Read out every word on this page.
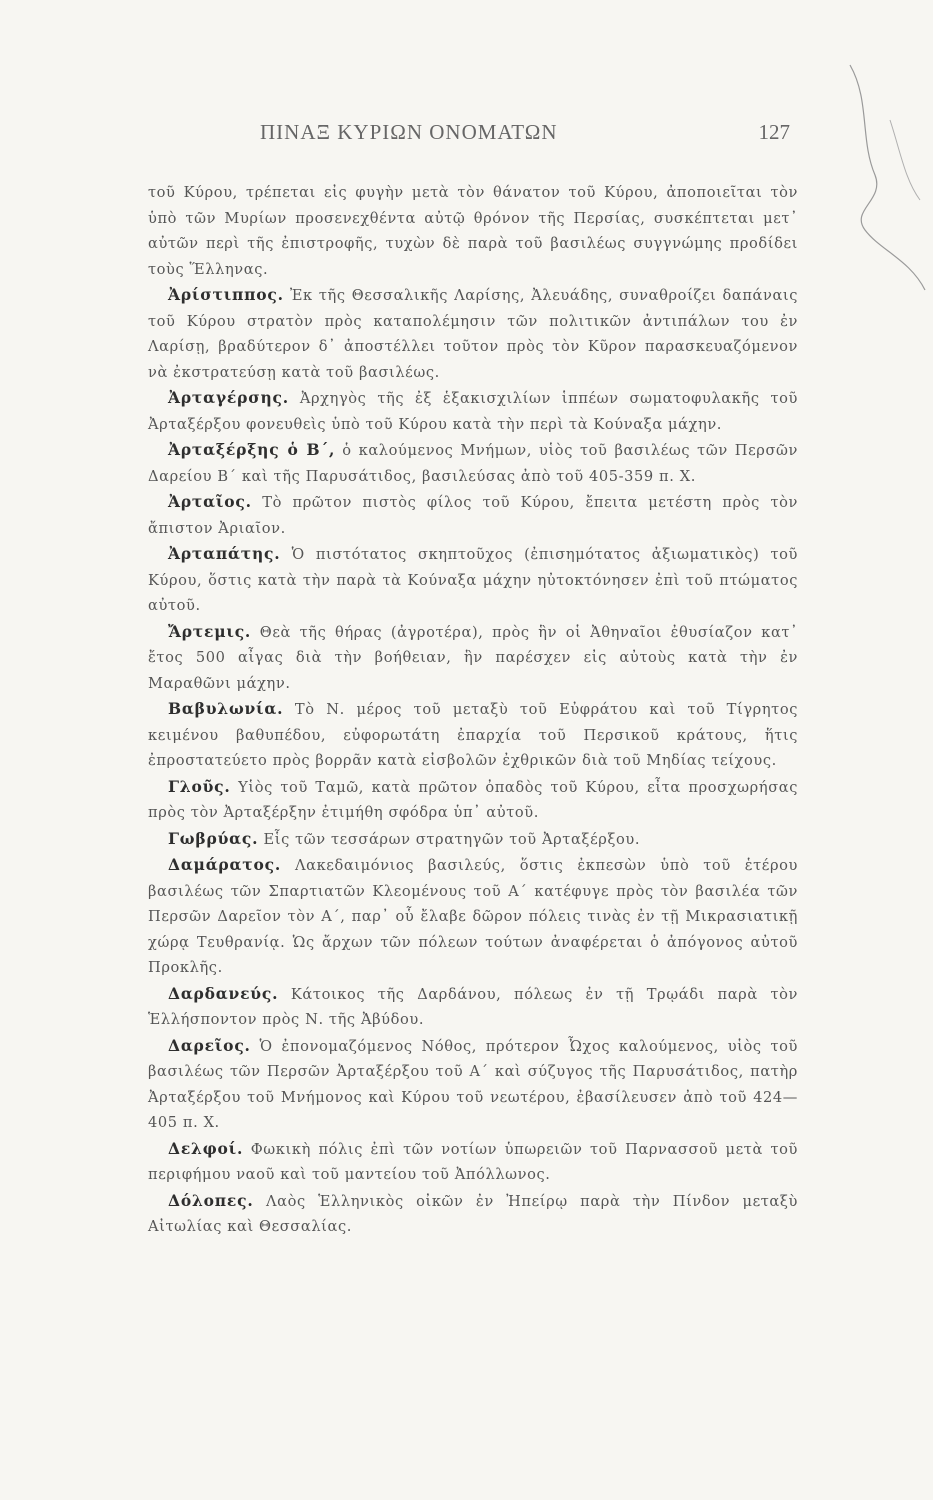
ΠΙΝΑΞ ΚΥΡΙΩΝ ΟΝΟΜΑΤΩΝ	127

τοῦ Κύρου, τρέπεται εἰς φυγὴν μετὰ τὸν θάνατον τοῦ Κύρου, ἀποποιεῖται τὸν ὑπὸ τῶν Μυρίων προσενεχθέντα αὐτῷ θρόνον τῆς Περσίας, συσκέπτεται μετ᾽ αὐτῶν περὶ τῆς ἐπιστροφῆς, τυχὼν δὲ παρὰ τοῦ βασιλέως συγγνώμης προδίδει τοὺς Ἕλληνας.

Ἀρίστιππος. Ἐκ τῆς Θεσσαλικῆς Λαρίσης, Ἀλευάδης, συναθροίζει δαπάναις τοῦ Κύρου στρατὸν πρὸς καταπολέμησιν τῶν πολιτικῶν ἀντιπάλων του ἐν Λαρίσῃ, βραδύτερον δ᾽ ἀποστέλλει τοῦτον πρὸς τὸν Κῦρον παρασκευαζόμενον νὰ ἐκστρατεύσῃ κατὰ τοῦ βασιλέως.

Ἀρταγέρσης. Ἀρχηγὸς τῆς ἐξ ἑξακισχιλίων ἱππέων σωματοφυλακῆς τοῦ Ἀρταξέρξου φονευθεὶς ὑπὸ τοῦ Κύρου κατὰ τὴν περὶ τὰ Κούναξα μάχην.

Ἀρταξέρξης ὁ Β΄, ὁ καλούμενος Μνήμων, υἱὸς τοῦ βασιλέως τῶν Περσῶν Δαρείου Β΄ καὶ τῆς Παρυσάτιδος, βασιλεύσας ἀπὸ τοῦ 405-359 π. Χ.

Ἀρταῖος. Τὸ πρῶτον πιστὸς φίλος τοῦ Κύρου, ἔπειτα μετέστη πρὸς τὸν ἄπιστον Ἀριαῖον.

Ἀρταπάτης. Ὁ πιστότατος σκηπτοῦχος (ἐπισημότατος ἀξιωματικὸς) τοῦ Κύρου, ὅστις κατὰ τὴν παρὰ τὰ Κούναξα μάχην ηὐτοκτόνησεν ἐπὶ τοῦ πτώματος αὐτοῦ.

Ἄρτεμις. Θεὰ τῆς θήρας (ἀγροτέρα), πρὸς ἣν οἱ Ἀθηναῖοι ἐθυσίαζον κατ᾽ ἔτος 500 αἶγας διὰ τὴν βοήθειαν, ἣν παρέσχεν εἰς αὐτοὺς κατὰ τὴν ἐν Μαραθῶνι μάχην.

Βαβυλωνία. Τὸ Ν. μέρος τοῦ μεταξὺ τοῦ Εὐφράτου καὶ τοῦ Τίγρητος κειμένου βαθυπέδου, εὐφορωτάτη ἐπαρχία τοῦ Περσικοῦ κράτους, ἥτις ἐπροστατεύετο πρὸς βορρᾶν κατὰ εἰσβολῶν ἐχθρικῶν διὰ τοῦ Μηδίας τείχους.

Γλοῦς. Υἱὸς τοῦ Ταμῶ, κατὰ πρῶτον ὀπαδὸς τοῦ Κύρου, εἶτα προσχωρήσας πρὸς τὸν Ἀρταξέρξην ἐτιμήθη σφόδρα ὑπ᾽ αὐτοῦ.

Γωβρύας. Εἷς τῶν τεσσάρων στρατηγῶν τοῦ Ἀρταξέρξου.

Δαμάρατος. Λακεδαιμόνιος βασιλεύς, ὅστις ἐκπεσὼν ὑπὸ τοῦ ἑτέρου βασιλέως τῶν Σπαρτιατῶν Κλεομένους τοῦ Α΄ κατέφυγε πρὸς τὸν βασιλέα τῶν Περσῶν Δαρεῖον τὸν Α΄, παρ᾽ οὗ ἔλαβε δῶρον πόλεις τινὰς ἐν τῇ Μικρασιατικῇ χώρᾳ Τευθρανίᾳ. Ὡς ἄρχων τῶν πόλεων τούτων ἀναφέρεται ὁ ἀπόγονος αὐτοῦ Προκλῆς.

Δαρδανεύς. Κάτοικος τῆς Δαρδάνου, πόλεως ἐν τῇ Τρῳάδι παρὰ τὸν Ἑλλήσποντον πρὸς Ν. τῆς Ἀβύδου.

Δαρεῖος. Ὁ ἐπονομαζόμενος Νόθος, πρότερον Ὦχος καλούμενος, υἱὸς τοῦ βασιλέως τῶν Περσῶν Ἀρταξέρξου τοῦ Α΄ καὶ σύζυγος τῆς Παρυσάτιδος, πατὴρ Ἀρταξέρξου τοῦ Μνήμονος καὶ Κύρου τοῦ νεωτέρου, ἐβασίλευσεν ἀπὸ τοῦ 424—405 π. Χ.

Δελφοί. Φωκικὴ πόλις ἐπὶ τῶν νοτίων ὑπωρειῶν τοῦ Παρνασσοῦ μετὰ τοῦ περιφήμου ναοῦ καὶ τοῦ μαντείου τοῦ Ἀπόλλωνος.

Δόλοπες. Λαὸς Ἑλληνικὸς οἰκῶν ἐν Ἠπείρῳ παρὰ τὴν Πίνδον μεταξὺ Αἰτωλίας καὶ Θεσσαλίας.
